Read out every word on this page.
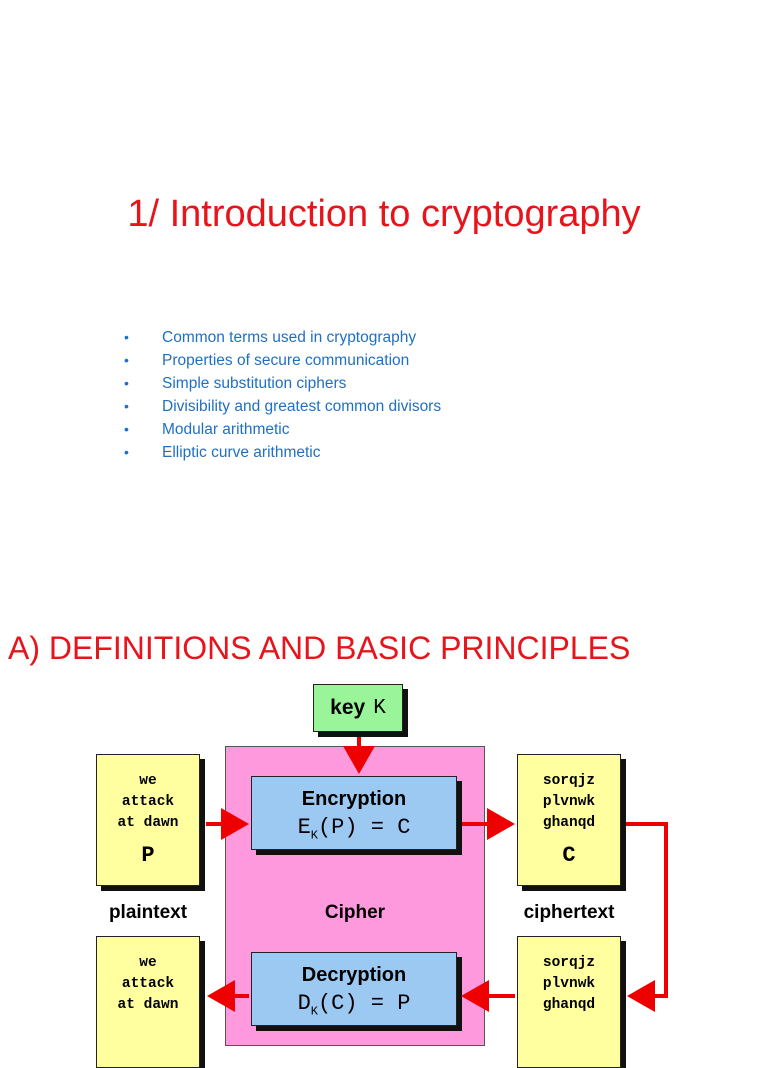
1/ Introduction to cryptography
• Common terms used in cryptography
• Properties of secure communication
• Simple substitution ciphers
• Divisibility and greatest common divisors
• Modular arithmetic
• Elliptic curve arithmetic
A) DEFINITIONS AND BASIC PRINCIPLES
key K
Encryption
$E_K(P) = C$
Decryption
$D_K(C) = P$
we
attack
at dawn
P
sorqjz
plvnwk
ghanqd
C
plaintext	Cipher	ciphertext
we
attack
at dawn
sorqjz
plvnwk
ghanqd
